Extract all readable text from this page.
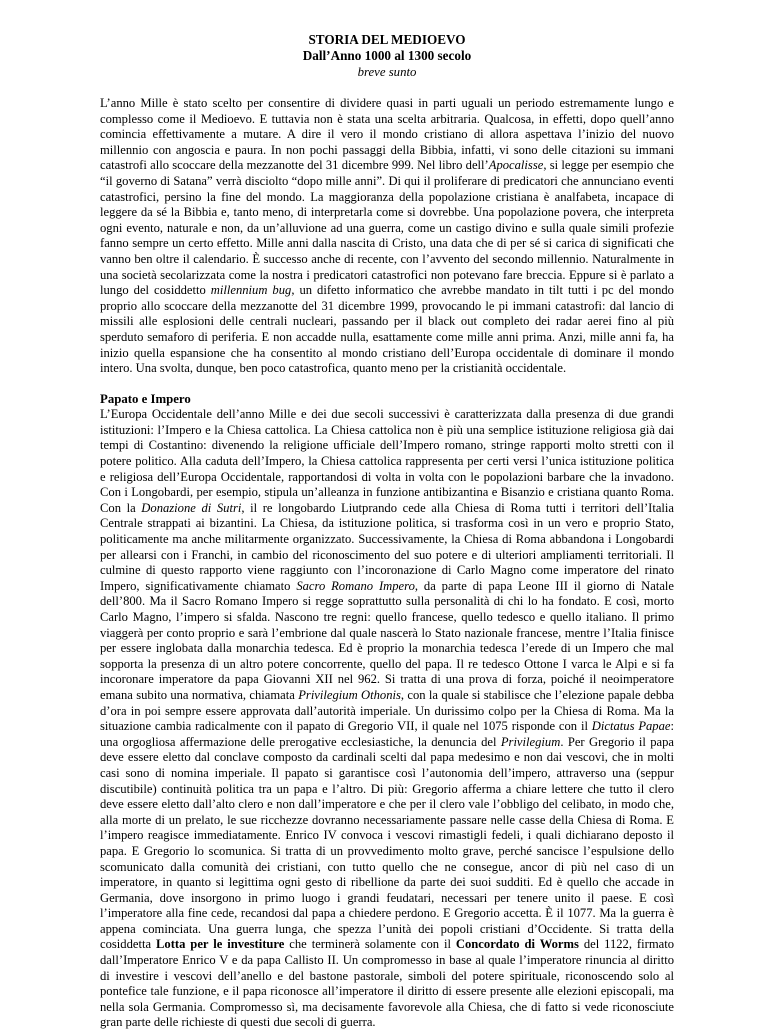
STORIA DEL MEDIOEVO
Dall’Anno 1000 al 1300 secolo
breve sunto

L’anno Mille è stato scelto per consentire di dividere quasi in parti uguali un periodo estremamente lungo e complesso come il Medioevo. E tuttavia non è stata una scelta arbitraria. Qualcosa, in effetti, dopo quell’anno comincia effettivamente a mutare. A dire il vero il mondo cristiano di allora aspettava l’inizio del nuovo millennio con angoscia e paura. In non pochi passaggi della Bibbia, infatti, vi sono delle citazioni su immani catastrofi allo scoccare della mezzanotte del 31 dicembre 999. Nel libro dell’Apocalisse, si legge per esempio che “il governo di Satana” verrà disciolto “dopo mille anni”. Di qui il proliferare di predicatori che annunciano eventi catastrofici, persino la fine del mondo. La maggioranza della popolazione cristiana è analfabeta, incapace di leggere da sé la Bibbia e, tanto meno, di interpretarla come si dovrebbe. Una popolazione povera, che interpreta ogni evento, naturale e non, da un’alluvione ad una guerra, come un castigo divino e sulla quale simili profezie fanno sempre un certo effetto. Mille anni dalla nascita di Cristo, una data che di per sé si carica di significati che vanno ben oltre il calendario. È successo anche di recente, con l’avvento del secondo millennio. Naturalmente in una società secolarizzata come la nostra i predicatori catastrofici non potevano fare breccia. Eppure si è parlato a lungo del cosiddetto millennium bug, un difetto informatico che avrebbe mandato in tilt tutti i pc del mondo proprio allo scoccare della mezzanotte del 31 dicembre 1999, provocando le pi immani catastrofi: dal lancio di missili alle esplosioni delle centrali nucleari, passando per il black out completo dei radar aerei fino al più sperduto semaforo di periferia. E non accadde nulla, esattamente come mille anni prima. Anzi, mille anni fa, ha inizio quella espansione che ha consentito al mondo cristiano dell’Europa occidentale di dominare il mondo intero. Una svolta, dunque, ben poco catastrofica, quanto meno per la cristianità occidentale.

Papato e Impero

L’Europa Occidentale dell’anno Mille e dei due secoli successivi è caratterizzata dalla presenza di due grandi istituzioni: l’Impero e la Chiesa cattolica. La Chiesa cattolica non è più una semplice istituzione religiosa già dai tempi di Costantino: divenendo la religione ufficiale dell’Impero romano, stringe rapporti molto stretti con il potere politico. Alla caduta dell’Impero, la Chiesa cattolica rappresenta per certi versi l’unica istituzione politica e religiosa dell’Europa Occidentale, rapportandosi di volta in volta con le popolazioni barbare che la invadono. Con i Longobardi, per esempio, stipula un’alleanza in funzione antibizantina e Bisanzio e cristiana quanto Roma. Con la Donazione di Sutri, il re longobardo Liutprando cede alla Chiesa di Roma tutti i territori dell’Italia Centrale strappati ai bizantini. La Chiesa, da istituzione politica, si trasforma così in un vero e proprio Stato, politicamente ma anche militarmente organizzato. Successivamente, la Chiesa di Roma abbandona i Longobardi per allearsi con i Franchi, in cambio del riconoscimento del suo potere e di ulteriori ampliamenti territoriali. Il culmine di questo rapporto viene raggiunto con l’incoronazione di Carlo Magno come imperatore del rinato Impero, significativamente chiamato Sacro Romano Impero, da parte di papa Leone III il giorno di Natale dell’800. Ma il Sacro Romano Impero si regge soprattutto sulla personalità di chi lo ha fondato. E così, morto Carlo Magno, l’impero si sfalda. Nascono tre regni: quello francese, quello tedesco e quello italiano. Il primo viaggerà per conto proprio e sarà l’embrione dal quale nascerà lo Stato nazionale francese, mentre l’Italia finisce per essere inglobata dalla monarchia tedesca. Ed è proprio la monarchia tedesca l’erede di un Impero che mal sopporta la presenza di un altro potere concorrente, quello del papa. Il re tedesco Ottone I varca le Alpi e si fa incoronare imperatore da papa Giovanni XII nel 962. Si tratta di una prova di forza, poiché il neoimperatore emana subito una normativa, chiamata Privilegium Othonis, con la quale si stabilisce che l’elezione papale debba d’ora in poi sempre essere approvata dall’autorità imperiale. Un durissimo colpo per la Chiesa di Roma. Ma la situazione cambia radicalmente con il papato di Gregorio VII, il quale nel 1075 risponde con il Dictatus Papae: una orgogliosa affermazione delle prerogative ecclesiastiche, la denuncia del Privilegium. Per Gregorio il papa deve essere eletto dal conclave composto da cardinali scelti dal papa medesimo e non dai vescovi, che in molti casi sono di nomina imperiale. Il papato si garantisce così l’autonomia dell’impero, attraverso una (seppur discutibile) continuità politica tra un papa e l’altro. Di più: Gregorio afferma a chiare lettere che tutto il clero deve essere eletto dall’alto clero e non dall’imperatore e che per il clero vale l’obbligo del celibato, in modo che, alla morte di un prelato, le sue ricchezze dovranno necessariamente passare nelle casse della Chiesa di Roma. E l’impero reagisce immediatamente. Enrico IV convoca i vescovi rimastigli fedeli, i quali dichiarano deposto il papa. E Gregorio lo scomunica. Si tratta di un provvedimento molto grave, perché sancisce l’espulsione dello scomunicato dalla comunità dei cristiani, con tutto quello che ne consegue, ancor di più nel caso di un imperatore, in quanto si legittima ogni gesto di ribellione da parte dei suoi sudditi. Ed è quello che accade in Germania, dove insorgono in primo luogo i grandi feudatari, necessari per tenere unito il paese. E così l’imperatore alla fine cede, recandosi dal papa a chiedere perdono. E Gregorio accetta. È il 1077. Ma la guerra è appena cominciata. Una guerra lunga, che spezza l’unità dei popoli cristiani d’Occidente. Si tratta della cosiddetta Lotta per le investiture che terminerà solamente con il Concordato di Worms del 1122, firmato dall’Imperatore Enrico V e da papa Callisto II. Un compromesso in base al quale l’imperatore rinuncia al diritto di investire i vescovi dell’anello e del bastone pastorale, simboli del potere spirituale, riconoscendo solo al pontefice tale funzione, e il papa riconosce all’imperatore il diritto di essere presente alle elezioni episcopali, ma nella sola Germania. Compromesso sì, ma decisamente favorevole alla Chiesa, che di fatto si vede riconosciute gran parte delle richieste di questi due secoli di guerra.
